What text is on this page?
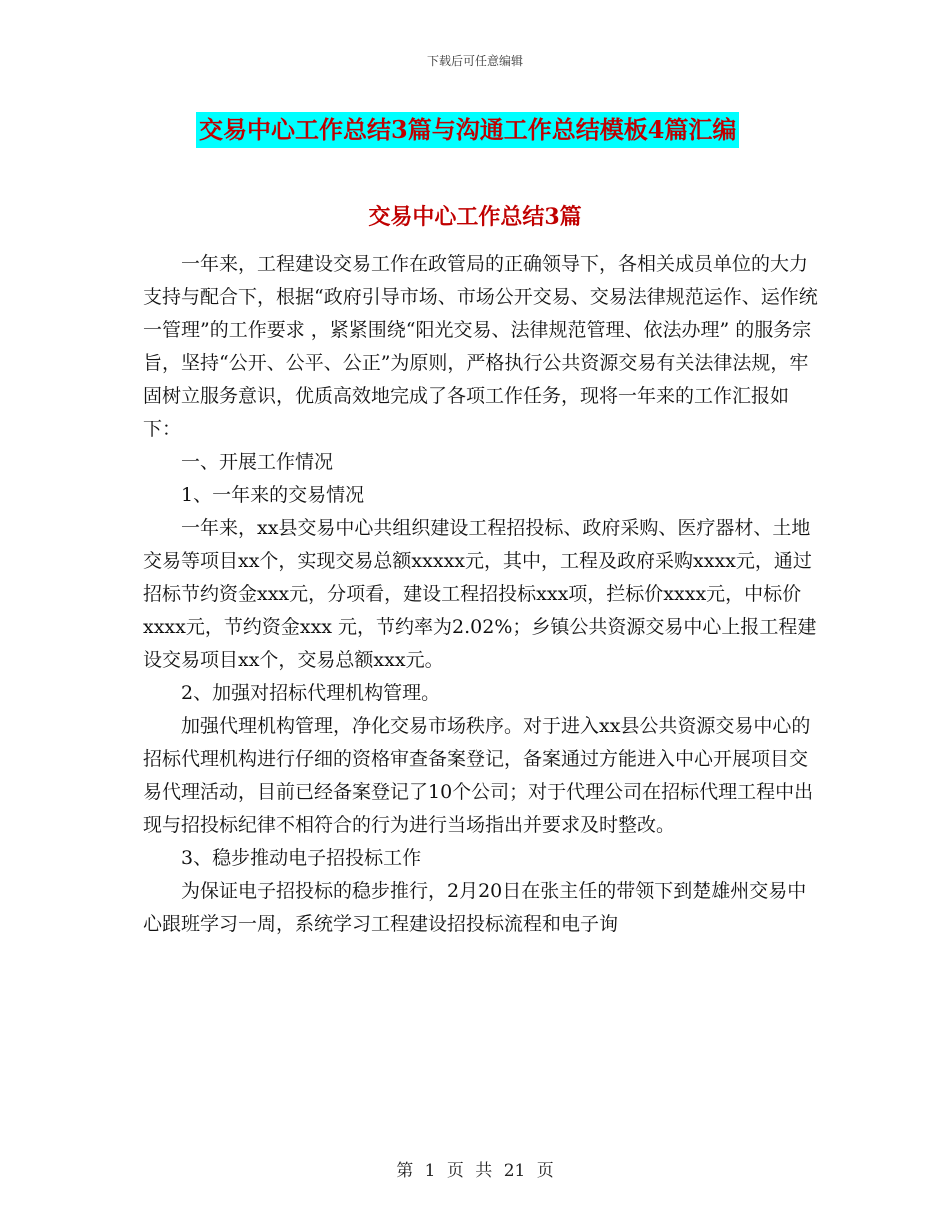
下载后可任意编辑
交易中心工作总结3篇与沟通工作总结模板4篇汇编
交易中心工作总结3篇

一年来，工程建设交易工作在政管局的正确领导下，各相关成员单位的大力支持与配合下，根据“政府引导市场、市场公开交易、交易法律规范运作、运作统一管理”的工作要求 ，紧紧围绕“阳光交易、法律规范管理、依法办理” 的服务宗旨，坚持“公开、公平、公正”为原则，严格执行公共资源交易有关法律法规，牢固树立服务意识，优质高效地完成了各项工作任务，现将一年来的工作汇报如下：

一、开展工作情况

1、一年来的交易情况

一年来，xx县交易中心共组织建设工程招投标、政府采购、医疗器材、土地交易等项目xx个，实现交易总额xxxxx元，其中，工程及政府采购xxxx元，通过招标节约资金xxx元，分项看，建设工程招投标xxx项，拦标价xxxx元，中标价xxxx元，节约资金xxx 元，节约率为2.02%；乡镇公共资源交易中心上报工程建设交易项目xx个，交易总额xxx元。

2、加强对招标代理机构管理。

加强代理机构管理，净化交易市场秩序。对于进入xx县公共资源交易中心的招标代理机构进行仔细的资格审查备案登记，备案通过方能进入中心开展项目交易代理活动，目前已经备案登记了10个公司；对于代理公司在招标代理工程中出现与招投标纪律不相符合的行为进行当场指出并要求及时整改。

3、稳步推动电子招投标工作

为保证电子招投标的稳步推行，2月20日在张主任的带领下到楚雄州交易中心跟班学习一周，系统学习工程建设招投标流程和电子询

第 1 页 共 21 页
